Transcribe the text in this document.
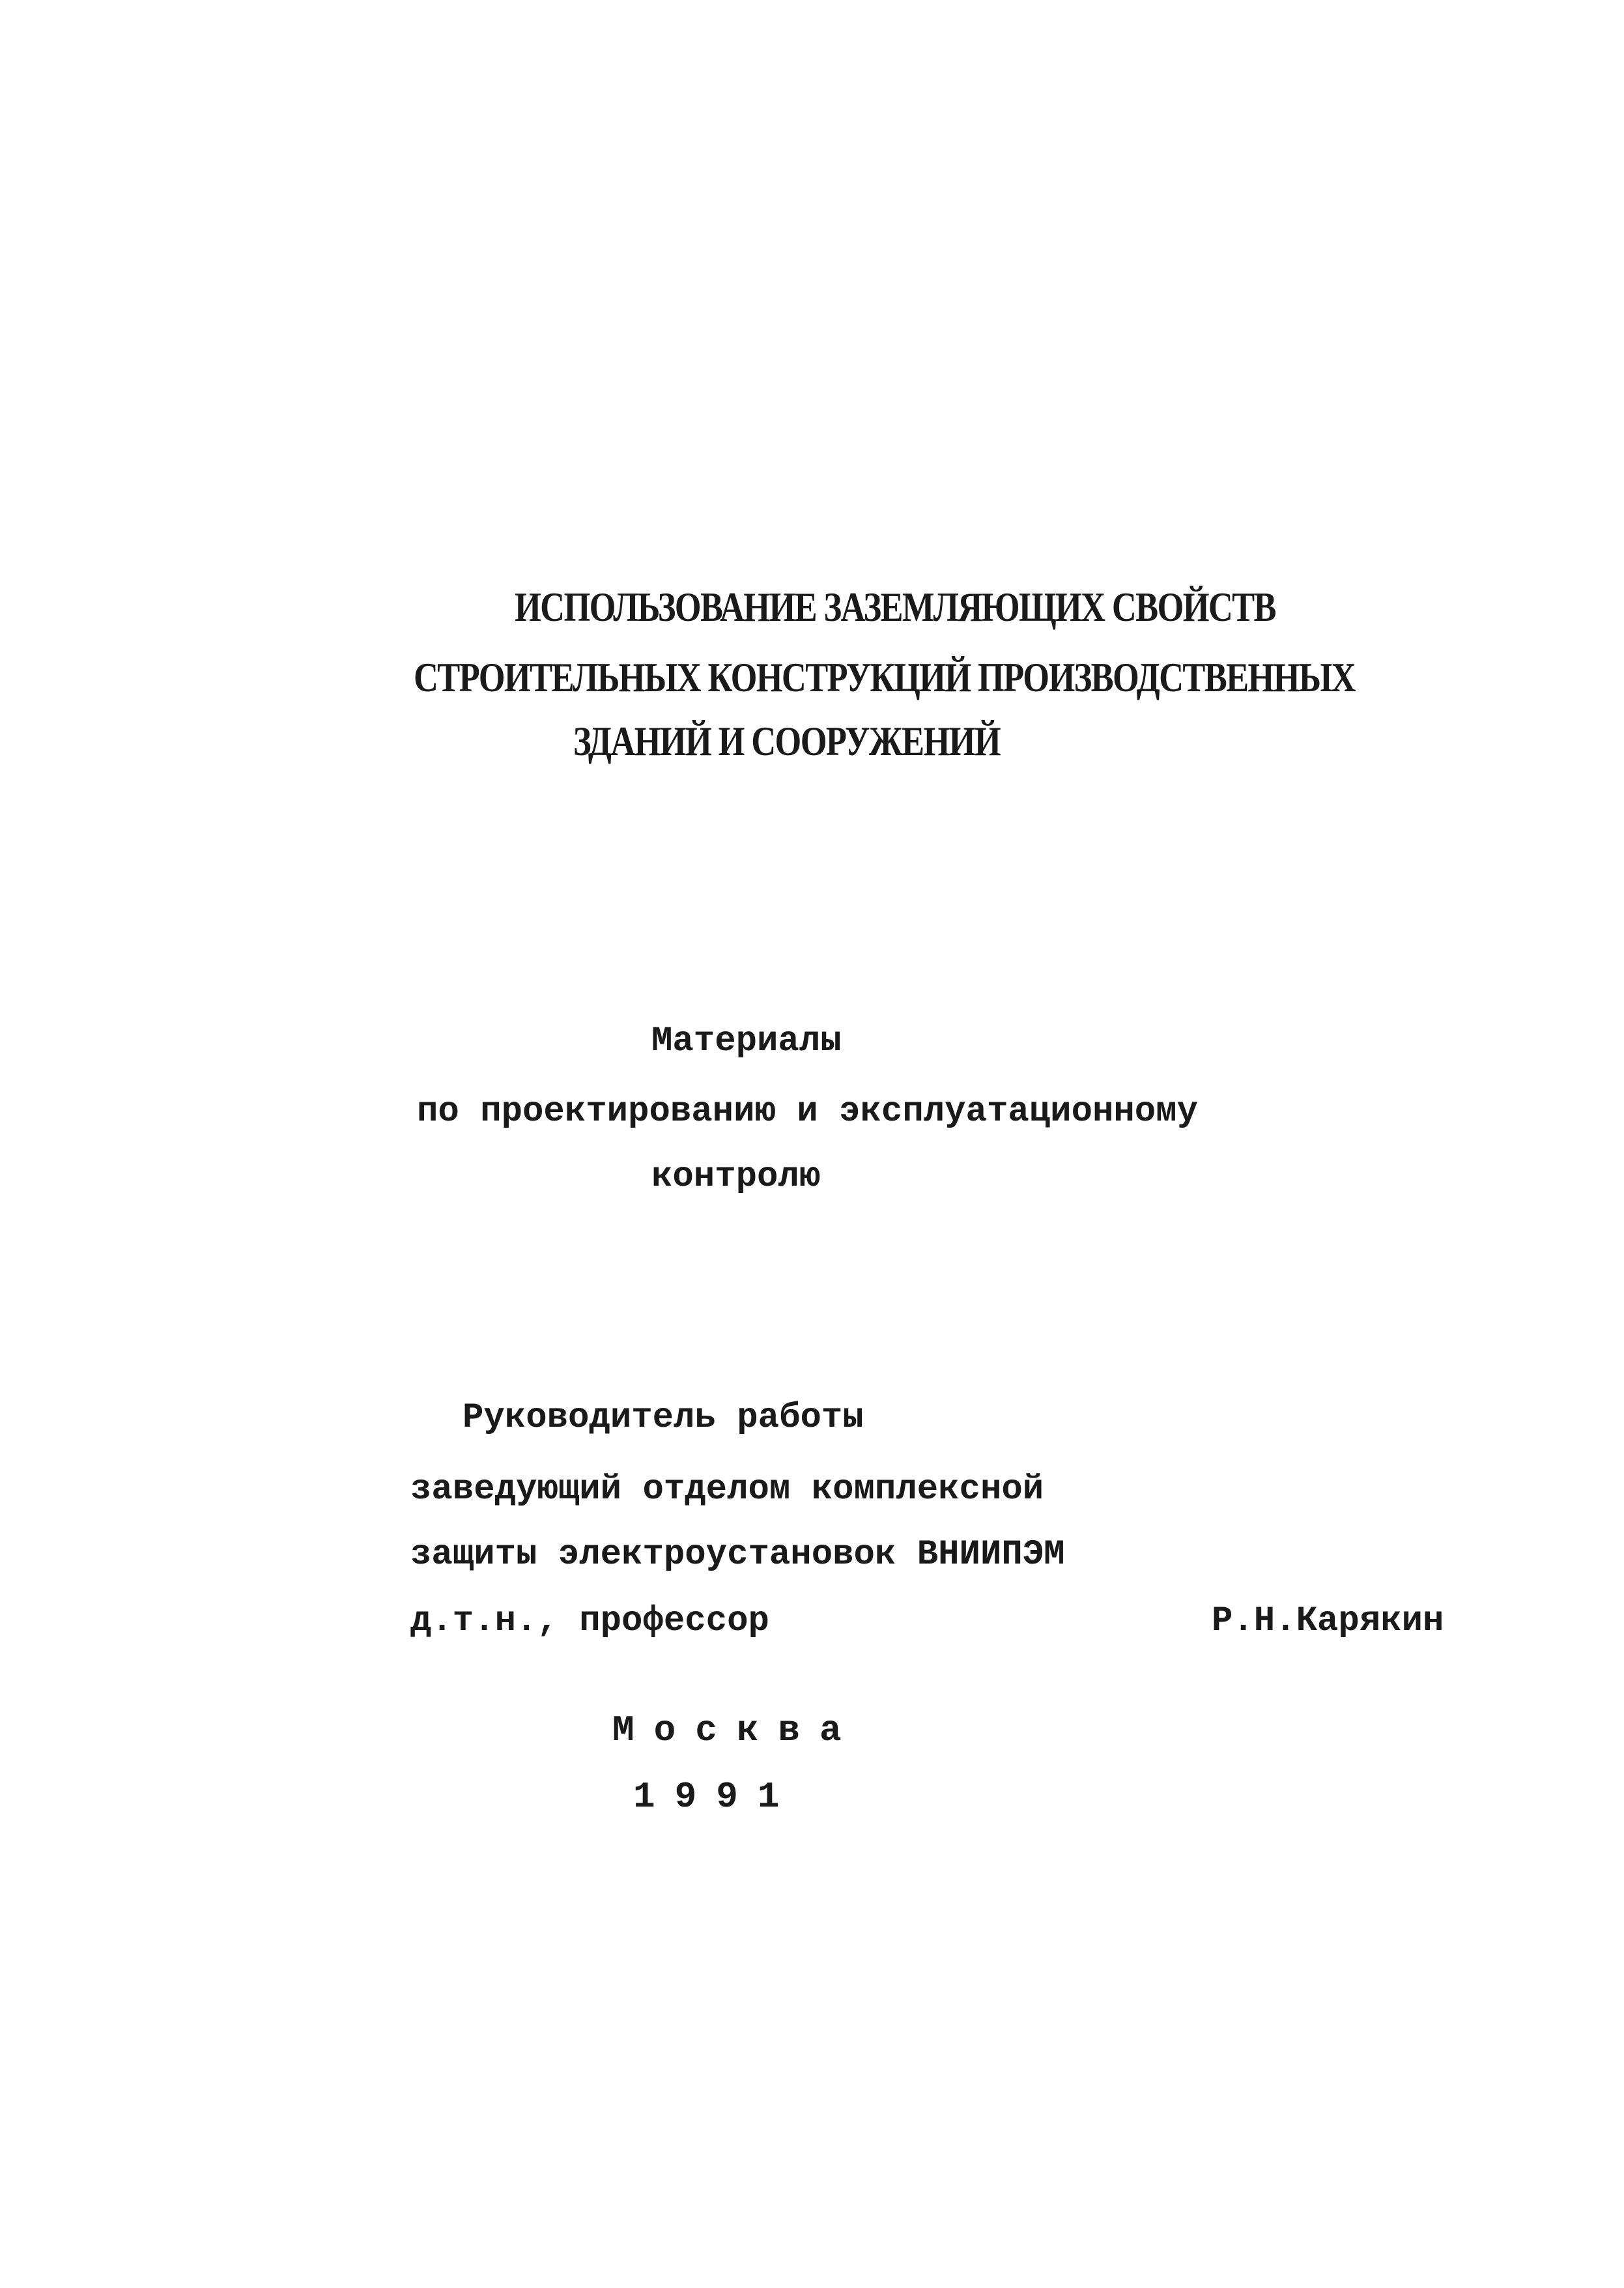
ИСПОЛЬЗОВАНИЕ ЗАЗЕМЛЯЮЩИХ СВОЙСТВ
СТРОИТЕЛЬНЫХ КОНСТРУКЦИЙ ПРОИЗВОДСТВЕННЫХ
ЗДАНИЙ И СООРУЖЕНИЙ
Материалы
по проектированию и эксплуатационному
контролю
Руководитель работы
заведующий отделом комплексной
защиты электроустановок ВНИИПЭМ
д.т.н., профессор	Р.Н.Карякин
Москва
1991
